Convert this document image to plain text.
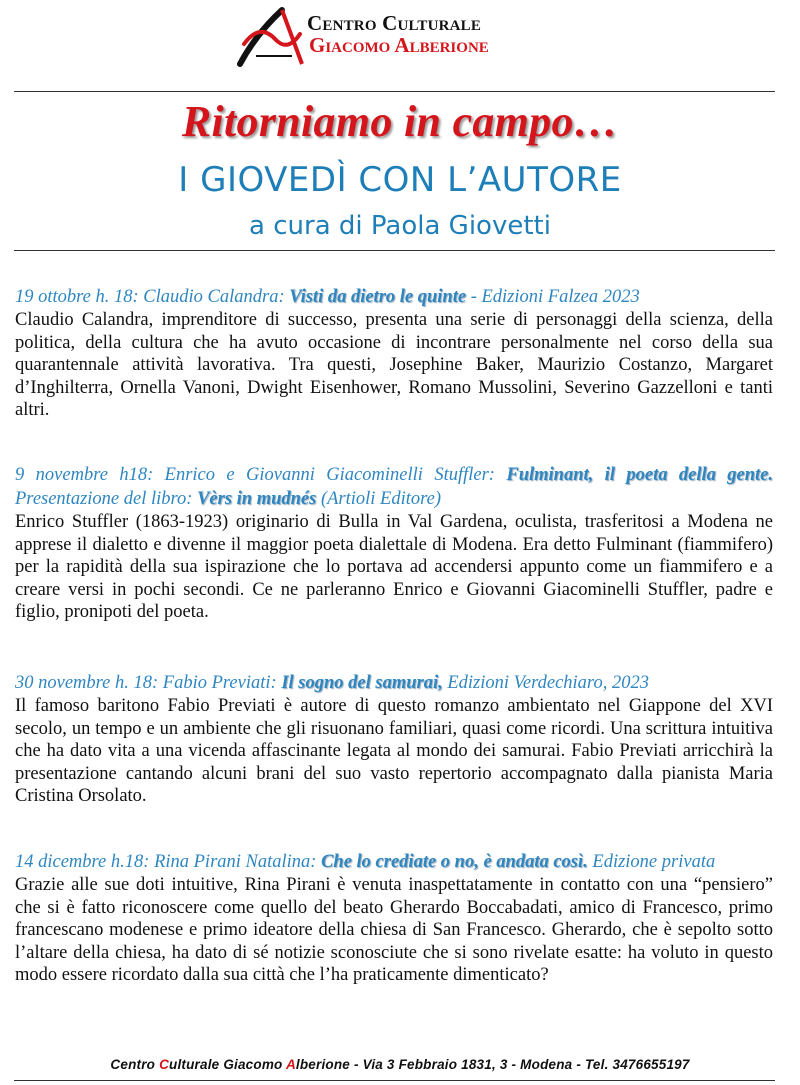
Centro Culturale
Giacomo Alberione
Ritorniamo in campo…
I GIOVEDÌ CON L’AUTORE
a cura di Paola Giovetti
19 ottobre h. 18: Claudio Calandra: Visti da dietro le quinte - Edizioni Falzea 2023
Claudio Calandra, imprenditore di successo, presenta una serie di personaggi della scienza, della politica, della cultura che ha avuto occasione di incontrare personalmente nel corso della sua quarantennale attività lavorativa. Tra questi, Josephine Baker, Maurizio Costanzo, Margaret d’Inghilterra, Ornella Vanoni, Dwight Eisenhower, Romano Mussolini, Severino Gazzelloni e tanti altri.
9 novembre h18: Enrico e Giovanni Giacominelli Stuffler: Fulminant, il poeta della gente. Presentazione del libro: Vèrs in mudnés (Artioli Editore)
Enrico Stuffler (1863-1923) originario di Bulla in Val Gardena, oculista, trasferitosi a Modena ne apprese il dialetto e divenne il maggior poeta dialettale di Modena. Era detto Fulminant (fiammifero) per la rapidità della sua ispirazione che lo portava ad accendersi appunto come un fiammifero e a creare versi in pochi secondi. Ce ne parleranno Enrico e Giovanni Giacominelli Stuffler, padre e figlio, pronipoti del poeta.
30 novembre h. 18: Fabio Previati: Il sogno del samurai, Edizioni Verdechiaro, 2023
Il famoso baritono Fabio Previati è autore di questo romanzo ambientato nel Giappone del XVI secolo, un tempo e un ambiente che gli risuonano familiari, quasi come ricordi. Una scrittura intuitiva che ha dato vita a una vicenda affascinante legata al mondo dei samurai. Fabio Previati arricchirà la presentazione cantando alcuni brani del suo vasto repertorio accompagnato dalla pianista Maria Cristina Orsolato.
14 dicembre h.18: Rina Pirani Natalina: Che lo crediate o no, è andata così. Edizione privata
Grazie alle sue doti intuitive, Rina Pirani è venuta inaspettatamente in contatto con una “pensiero” che si è fatto riconoscere come quello del beato Gherardo Boccabadati, amico di Francesco, primo francescano modenese e primo ideatore della chiesa di San Francesco. Gherardo, che è sepolto sotto l’altare della chiesa, ha dato di sé notizie sconosciute che si sono rivelate esatte: ha voluto in questo modo essere ricordato dalla sua città che l’ha praticamente dimenticato?
Centro Culturale Giacomo Alberione - Via 3 Febbraio 1831, 3 - Modena - Tel. 3476655197
